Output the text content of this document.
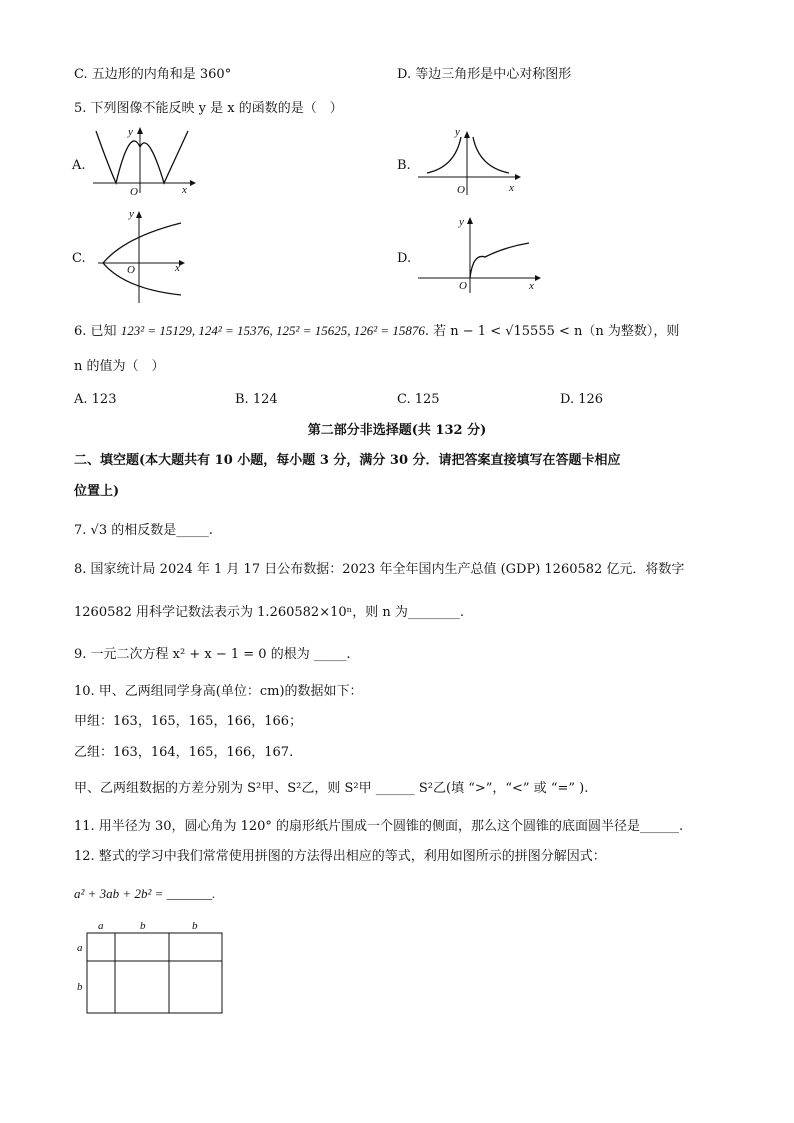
C. 五边形的内角和是 360°	D. 等边三角形是中心对称图形
5. 下列图像不能反映 y 是 x 的函数的是（　）
A.	B.
C.	D.
y
O	x
y
O	x
y
O	x
y
O	x
6. 已知 123² = 15129, 124² = 15376, 125² = 15625, 126² = 15876. 若 n − 1 < √15555 < n（n 为整数），则
n 的值为（　）
A. 123	B. 124	C. 125	D. 126
第二部分非选择题(共 132 分)
二、填空题(本大题共有 10 小题，每小题 3 分，满分 30 分．请把答案直接填写在答题卡相应
位置上)
7. √3 的相反数是_____.
8. 国家统计局 2024 年 1 月 17 日公布数据：2023 年全年国内生产总值 (GDP) 1260582 亿元．将数字
1260582 用科学记数法表示为 1.260582×10ⁿ，则 n 为________.
9. 一元二次方程 x² + x − 1 = 0 的根为 _____.
10. 甲、乙两组同学身高(单位：cm)的数据如下：
甲组：163，165，165，166，166；
乙组：163，164，165，166，167.
甲、乙两组数据的方差分别为 S²甲、S²乙，则 S²甲 ______ S²乙(填 “>”，“<” 或 “=” ).
11. 用半径为 30，圆心角为 120° 的扇形纸片围成一个圆锥的侧面，那么这个圆锥的底面圆半径是______.
12. 整式的学习中我们常常使用拼图的方法得出相应的等式，利用如图所示的拼图分解因式：
a² + 3ab + 2b² = _______.
a	b	b
a
b
